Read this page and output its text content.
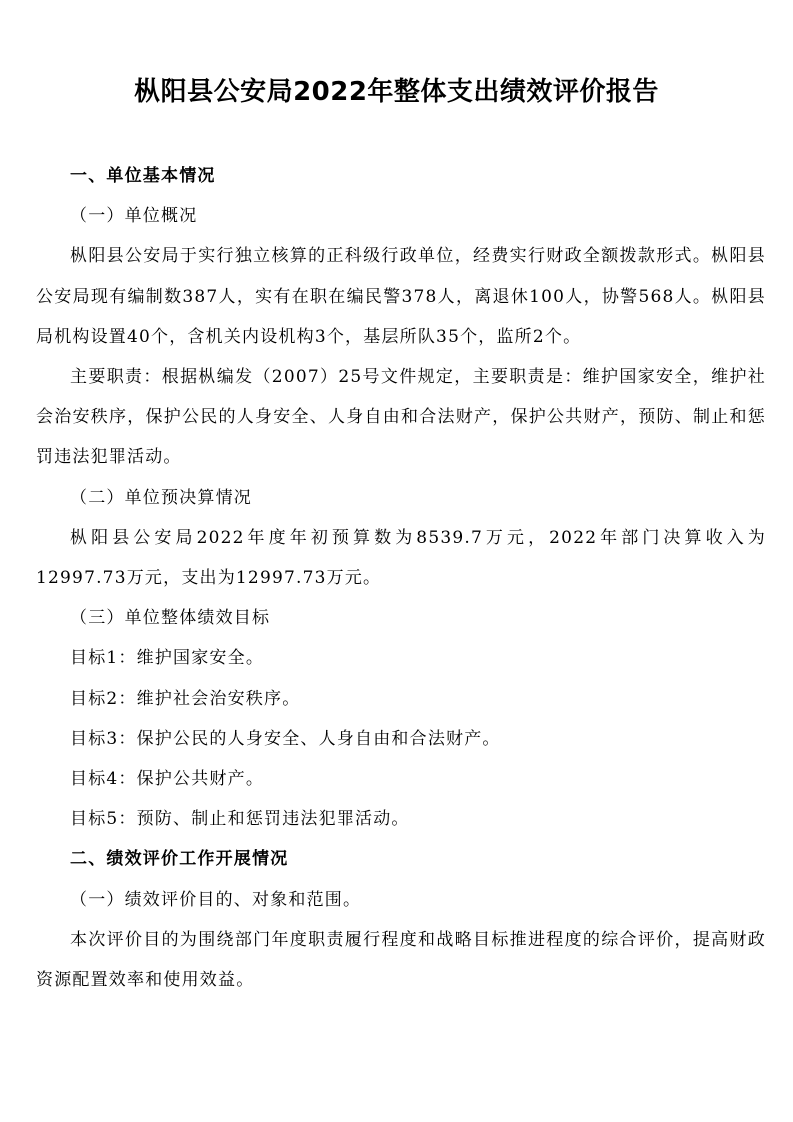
枞阳县公安局2022年整体支出绩效评价报告

一、单位基本情况

（一）单位概况

枞阳县公安局于实行独立核算的正科级行政单位，经费实行财政全额拨款形式。枞阳县公安局现有编制数387人，实有在职在编民警378人，离退休100人，协警568人。枞阳县局机构设置40个，含机关内设机构3个，基层所队35个，监所2个。

主要职责：根据枞编发（2007）25号文件规定，主要职责是：维护国家安全，维护社会治安秩序，保护公民的人身安全、人身自由和合法财产，保护公共财产，预防、制止和惩罚违法犯罪活动。

（二）单位预决算情况

枞阳县公安局2022年度年初预算数为8539.7万元，2022年部门决算收入为12997.73万元，支出为12997.73万元。

（三）单位整体绩效目标

目标1：维护国家安全。

目标2：维护社会治安秩序。

目标3：保护公民的人身安全、人身自由和合法财产。

目标4：保护公共财产。

目标5：预防、制止和惩罚违法犯罪活动。

二、绩效评价工作开展情况

（一）绩效评价目的、对象和范围。

本次评价目的为围绕部门年度职责履行程度和战略目标推进程度的综合评价，提高财政资源配置效率和使用效益。
